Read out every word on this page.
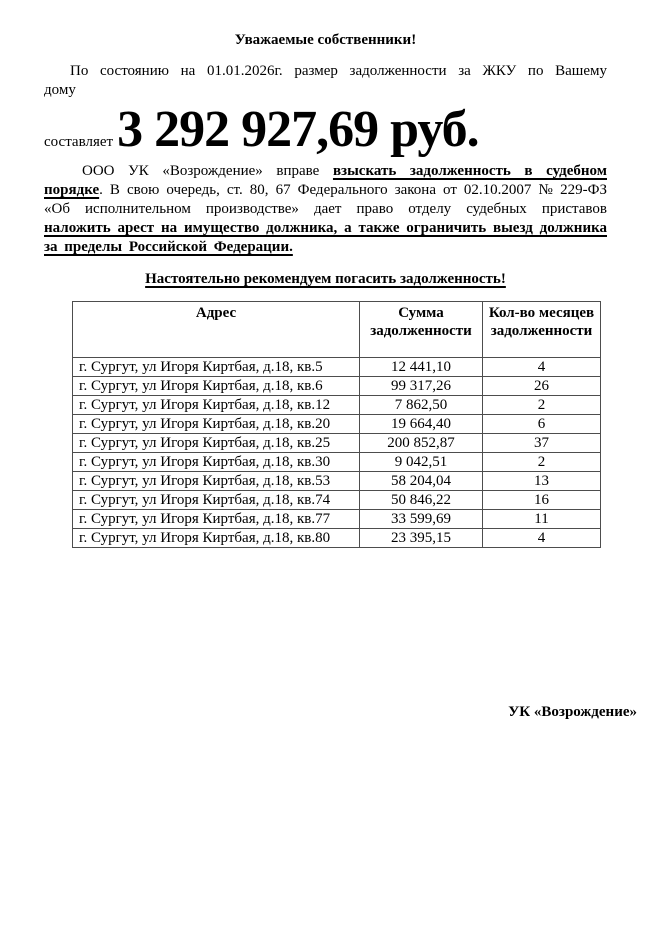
Уважаемые собственники!
По состоянию на 01.01.2026г. размер задолженности за ЖКУ по Вашему дому
составляет 3 292 927,69 руб.
ООО УК «Возрождение» вправе взыскать задолженность в судебном порядке. В свою очередь, ст. 80, 67 Федерального закона от 02.10.2007 № 229-ФЗ «Об исполнительном производстве» дает право отделу судебных приставов наложить арест на имущество должника, а также ограничить выезд должника за пределы Российской Федерации.
Настоятельно рекомендуем погасить задолженность!
Адрес	Сумма задолженности	Кол-во месяцев задолженности
г. Сургут, ул Игоря Киртбая, д.18, кв.5	12 441,10	4
г. Сургут, ул Игоря Киртбая, д.18, кв.6	99 317,26	26
г. Сургут, ул Игоря Киртбая, д.18, кв.12	7 862,50	2
г. Сургут, ул Игоря Киртбая, д.18, кв.20	19 664,40	6
г. Сургут, ул Игоря Киртбая, д.18, кв.25	200 852,87	37
г. Сургут, ул Игоря Киртбая, д.18, кв.30	9 042,51	2
г. Сургут, ул Игоря Киртбая, д.18, кв.53	58 204,04	13
г. Сургут, ул Игоря Киртбая, д.18, кв.74	50 846,22	16
г. Сургут, ул Игоря Киртбая, д.18, кв.77	33 599,69	11
г. Сургут, ул Игоря Киртбая, д.18, кв.80	23 395,15	4
УК «Возрождение»
